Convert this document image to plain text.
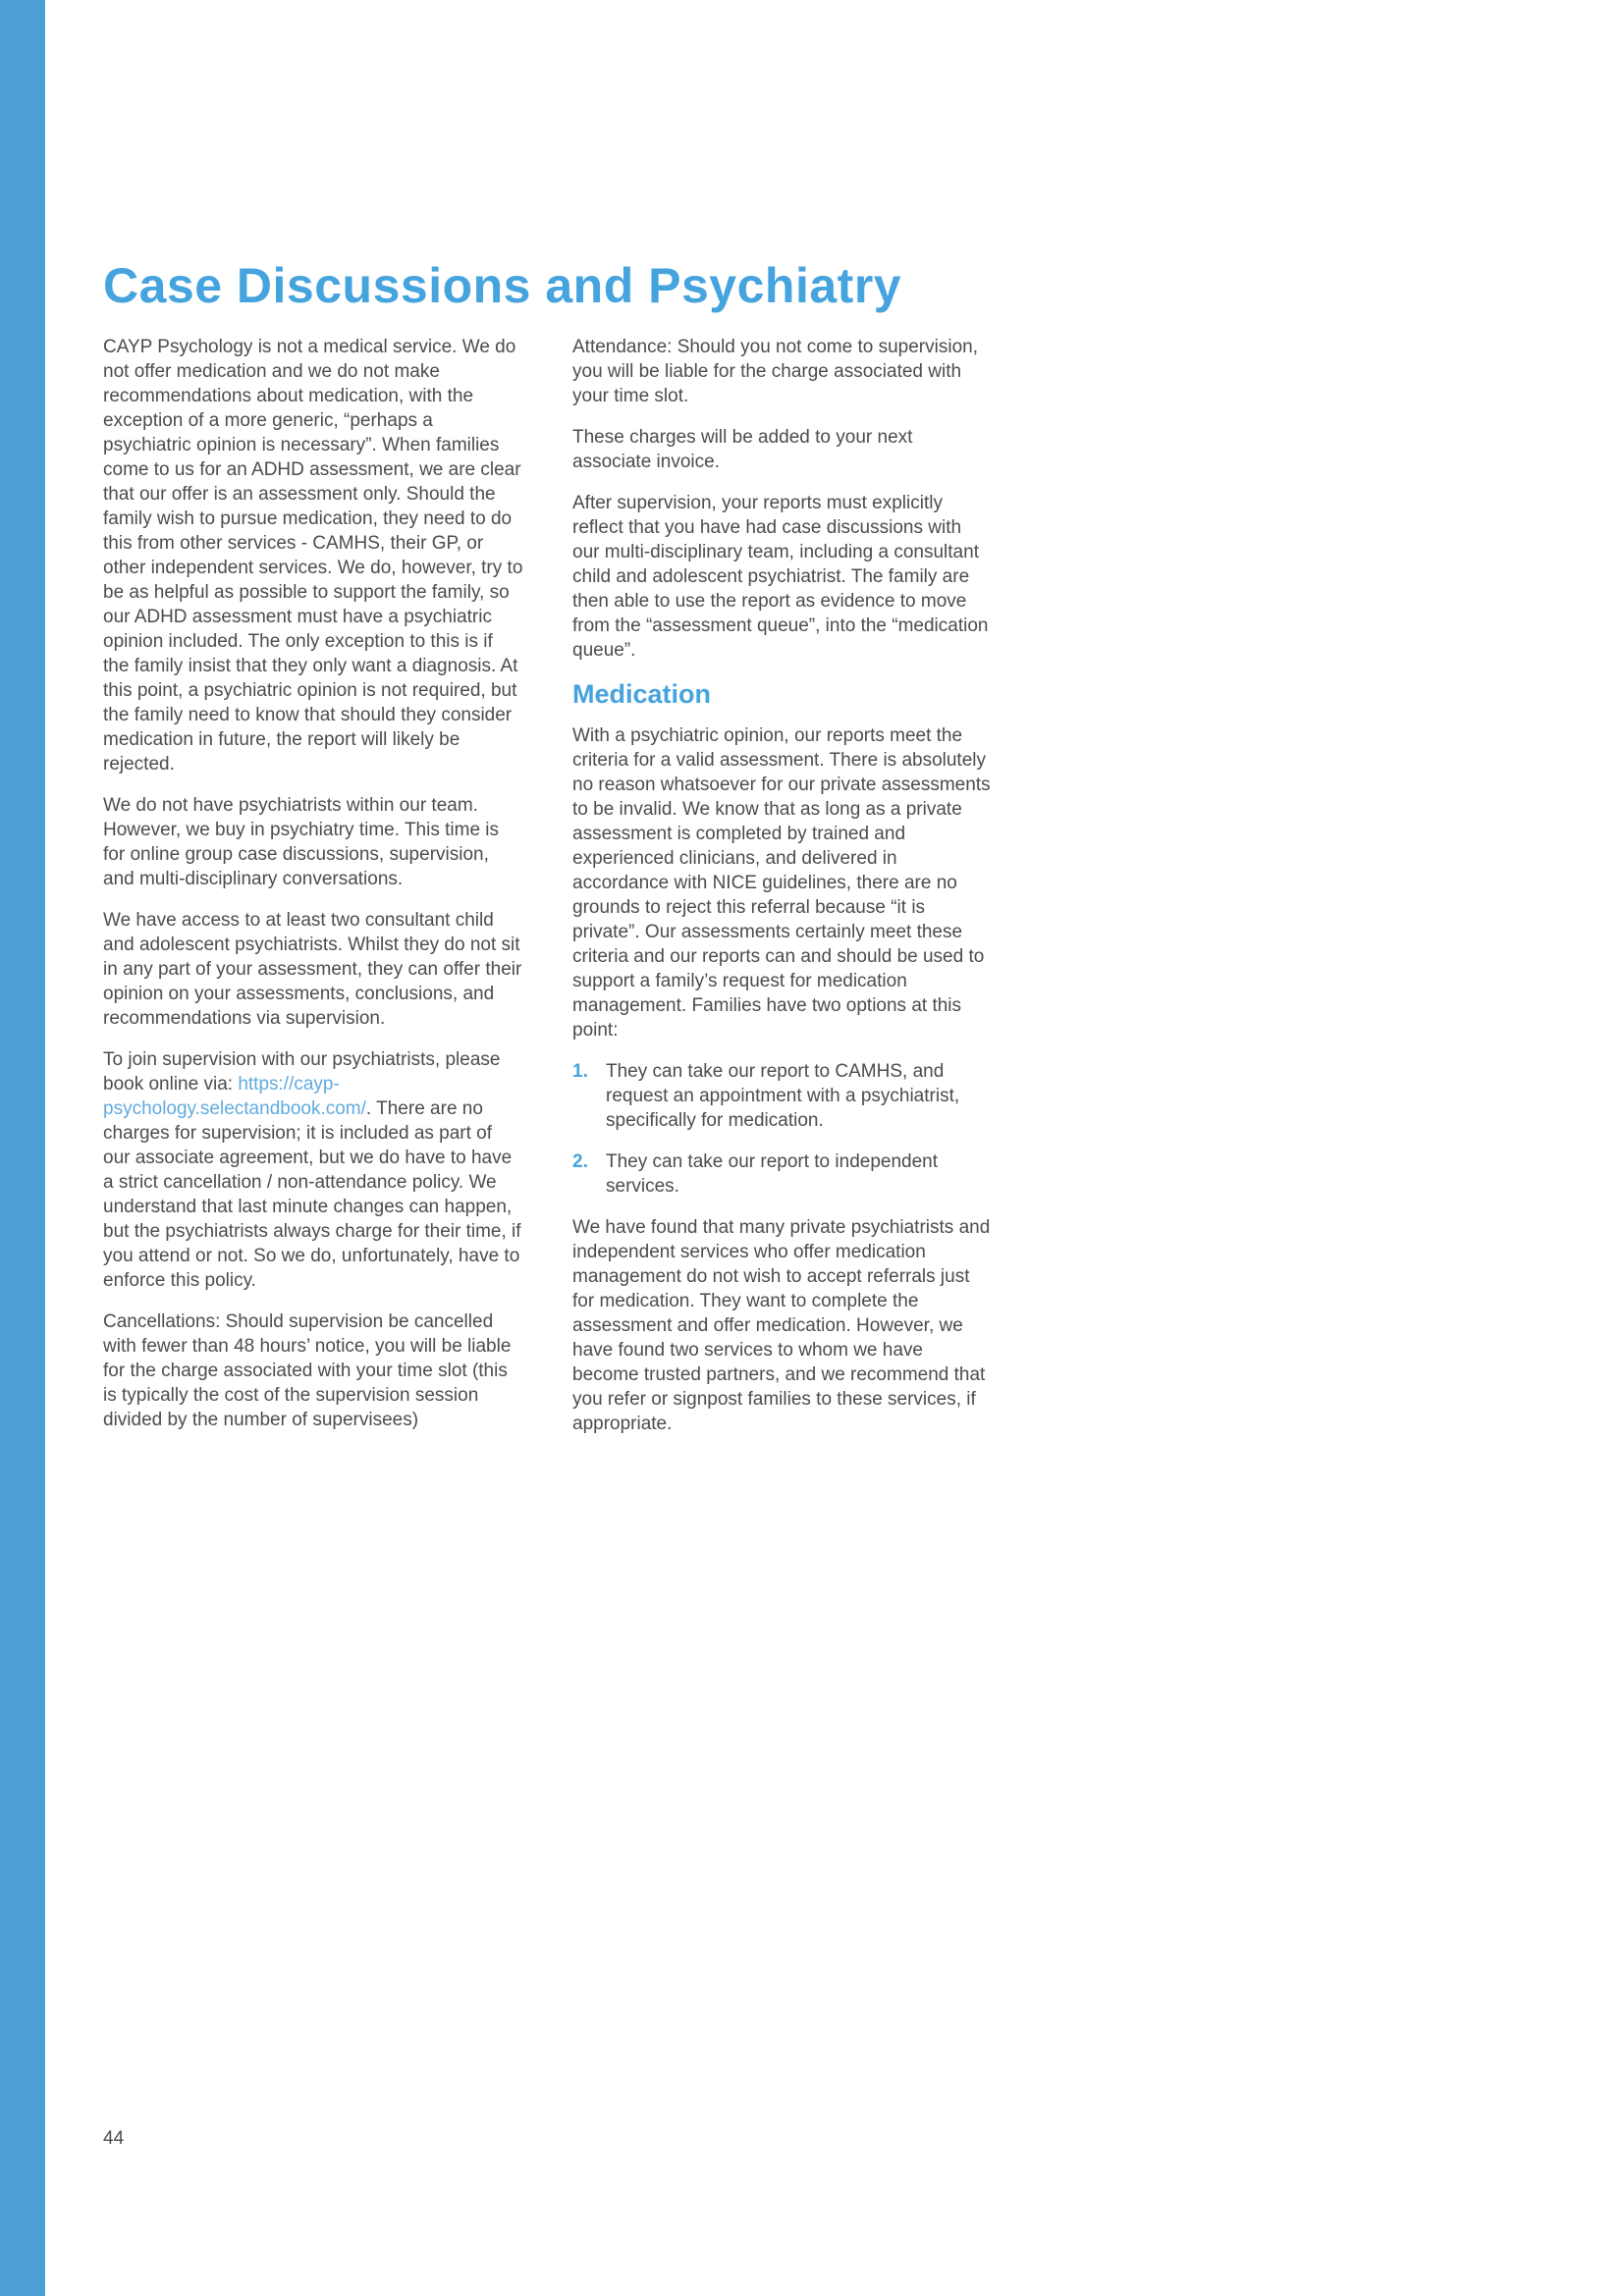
Case Discussions and Psychiatry

CAYP Psychology is not a medical service. We do not offer medication and we do not make recommendations about medication, with the exception of a more generic, “perhaps a psychiatric opinion is necessary”. When families come to us for an ADHD assessment, we are clear that our offer is an assessment only. Should the family wish to pursue medication, they need to do this from other services - CAMHS, their GP, or other independent services. We do, however, try to be as helpful as possible to support the family, so our ADHD assessment must have a psychiatric opinion included. The only exception to this is if the family insist that they only want a diagnosis. At this point, a psychiatric opinion is not required, but the family need to know that should they consider medication in future, the report will likely be rejected.

We do not have psychiatrists within our team. However, we buy in psychiatry time. This time is for online group case discussions, supervision, and multi-disciplinary conversations.

We have access to at least two consultant child and adolescent psychiatrists. Whilst they do not sit in any part of your assessment, they can offer their opinion on your assessments, conclusions, and recommendations via supervision.

To join supervision with our psychiatrists, please book online via: https://cayp-psychology.selectandbook.com/. There are no charges for supervision; it is included as part of our associate agreement, but we do have to have a strict cancellation / non-attendance policy. We understand that last minute changes can happen, but the psychiatrists always charge for their time, if you attend or not. So we do, unfortunately, have to enforce this policy.

Cancellations: Should supervision be cancelled with fewer than 48 hours’ notice, you will be liable for the charge associated with your time slot (this is typically the cost of the supervision session divided by the number of supervisees)

Attendance: Should you not come to supervision, you will be liable for the charge associated with your time slot.

These charges will be added to your next associate invoice.

After supervision, your reports must explicitly reflect that you have had case discussions with our multi-disciplinary team, including a consultant child and adolescent psychiatrist. The family are then able to use the report as evidence to move from the “assessment queue”, into the “medication queue”.

Medication

With a psychiatric opinion, our reports meet the criteria for a valid assessment. There is absolutely no reason whatsoever for our private assessments to be invalid. We know that as long as a private assessment is completed by trained and experienced clinicians, and delivered in accordance with NICE guidelines, there are no grounds to reject this referral because “it is private”. Our assessments certainly meet these criteria and our reports can and should be used to support a family’s request for medication management. Families have two options at this point:

1. They can take our report to CAMHS, and request an appointment with a psychiatrist, specifically for medication.
2. They can take our report to independent services.

We have found that many private psychiatrists and independent services who offer medication management do not wish to accept referrals just for medication. They want to complete the assessment and offer medication. However, we have found two services to whom we have become trusted partners, and we recommend that you refer or signpost families to these services, if appropriate.

44
